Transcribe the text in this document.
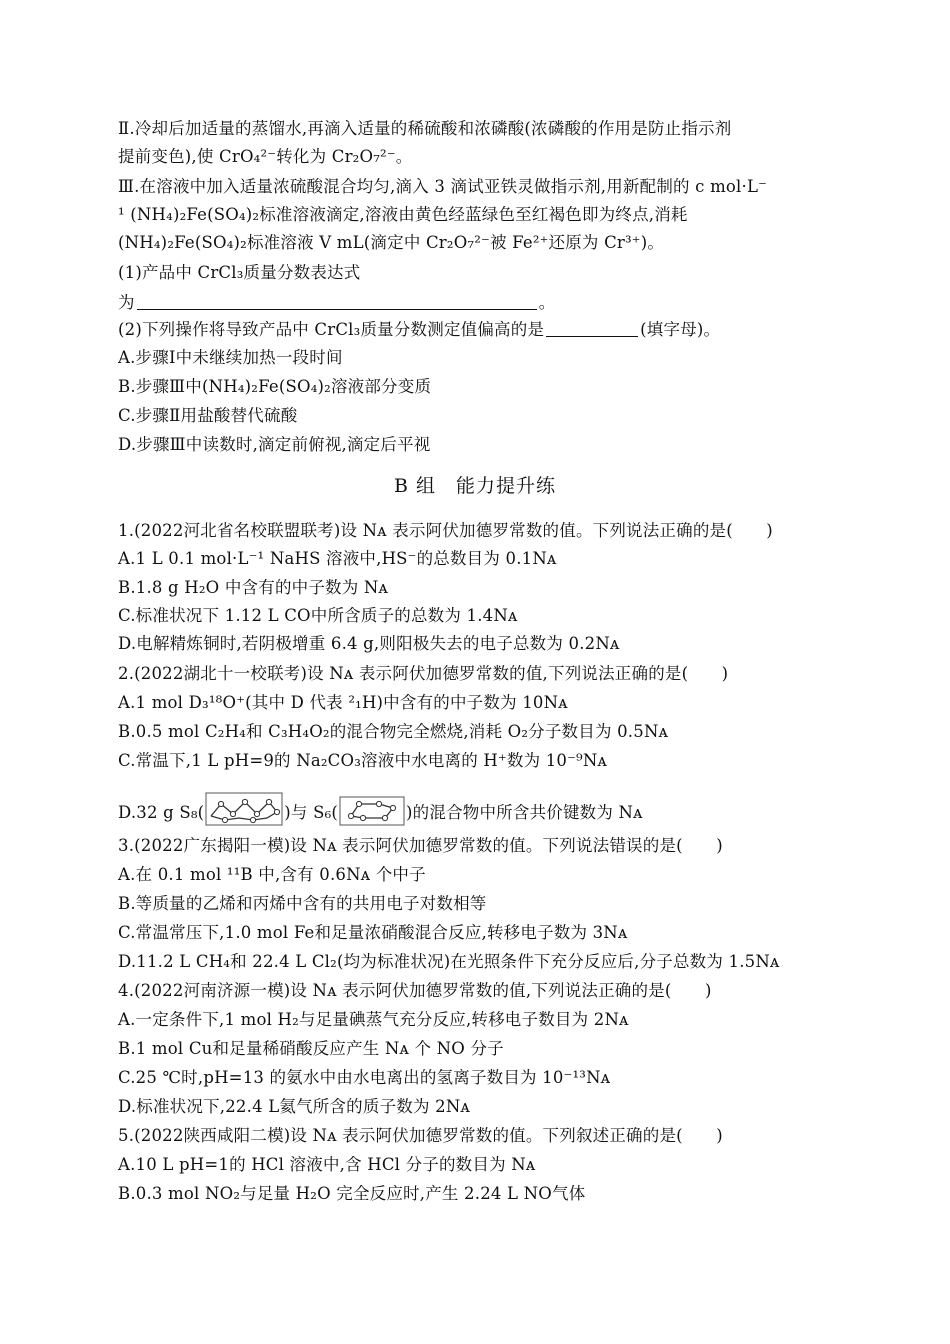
Ⅱ.冷却后加适量的蒸馏水,再滴入适量的稀硫酸和浓磷酸(浓磷酸的作用是防止指示剂
提前变色),使 CrO₄²⁻转化为 Cr₂O₇²⁻。
Ⅲ.在溶液中加入适量浓硫酸混合均匀,滴入 3 滴试亚铁灵做指示剂,用新配制的 c mol·L⁻
¹ (NH₄)₂Fe(SO₄)₂标准溶液滴定,溶液由黄色经蓝绿色至红褐色即为终点,消耗
(NH₄)₂Fe(SO₄)₂标准溶液 V mL(滴定中 Cr₂O₇²⁻被 Fe²⁺还原为 Cr³⁺)。
(1)产品中 CrCl₃质量分数表达式
为	。
(2)下列操作将导致产品中 CrCl₃质量分数测定值偏高的是	(填字母)。
A.步骤Ⅰ中未继续加热一段时间
B.步骤Ⅲ中(NH₄)₂Fe(SO₄)₂溶液部分变质
C.步骤Ⅱ用盐酸替代硫酸
D.步骤Ⅲ中读数时,滴定前俯视,滴定后平视
B 组　能力提升练
1.(2022河北省名校联盟联考)设 Nᴀ 表示阿伏加德罗常数的值。下列说法正确的是(　　)
A.1 L 0.1 mol·L⁻¹ NaHS 溶液中,HS⁻的总数目为 0.1Nᴀ
B.1.8 g H₂O 中含有的中子数为 Nᴀ
C.标准状况下 1.12 L CO中所含质子的总数为 1.4Nᴀ
D.电解精炼铜时,若阴极增重 6.4 g,则阳极失去的电子总数为 0.2Nᴀ
2.(2022湖北十一校联考)设 Nᴀ 表示阿伏加德罗常数的值,下列说法正确的是(　　)
A.1 mol D₃¹⁸O⁺(其中 D 代表 ²₁H)中含有的中子数为 10Nᴀ
B.0.5 mol C₂H₄和 C₃H₄O₂的混合物完全燃烧,消耗 O₂分子数目为 0.5Nᴀ
C.常温下,1 L pH=9的 Na₂CO₃溶液中水电离的 H⁺数为 10⁻⁹Nᴀ
D.32 g S₈(	)与 S₆(	)的混合物中所含共价键数为 Nᴀ
3.(2022广东揭阳一模)设 Nᴀ 表示阿伏加德罗常数的值。下列说法错误的是(　　)
A.在 0.1 mol ¹¹B 中,含有 0.6Nᴀ 个中子
B.等质量的乙烯和丙烯中含有的共用电子对数相等
C.常温常压下,1.0 mol Fe和足量浓硝酸混合反应,转移电子数为 3Nᴀ
D.11.2 L CH₄和 22.4 L Cl₂(均为标准状况)在光照条件下充分反应后,分子总数为 1.5Nᴀ
4.(2022河南济源一模)设 Nᴀ 表示阿伏加德罗常数的值,下列说法正确的是(　　)
A.一定条件下,1 mol H₂与足量碘蒸气充分反应,转移电子数目为 2Nᴀ
B.1 mol Cu和足量稀硝酸反应产生 Nᴀ 个 NO 分子
C.25 ℃时,pH=13 的氨水中由水电离出的氢离子数目为 10⁻¹³Nᴀ
D.标准状况下,22.4 L氦气所含的质子数为 2Nᴀ
5.(2022陕西咸阳二模)设 Nᴀ 表示阿伏加德罗常数的值。下列叙述正确的是(　　)
A.10 L pH=1的 HCl 溶液中,含 HCl 分子的数目为 Nᴀ
B.0.3 mol NO₂与足量 H₂O 完全反应时,产生 2.24 L NO气体
